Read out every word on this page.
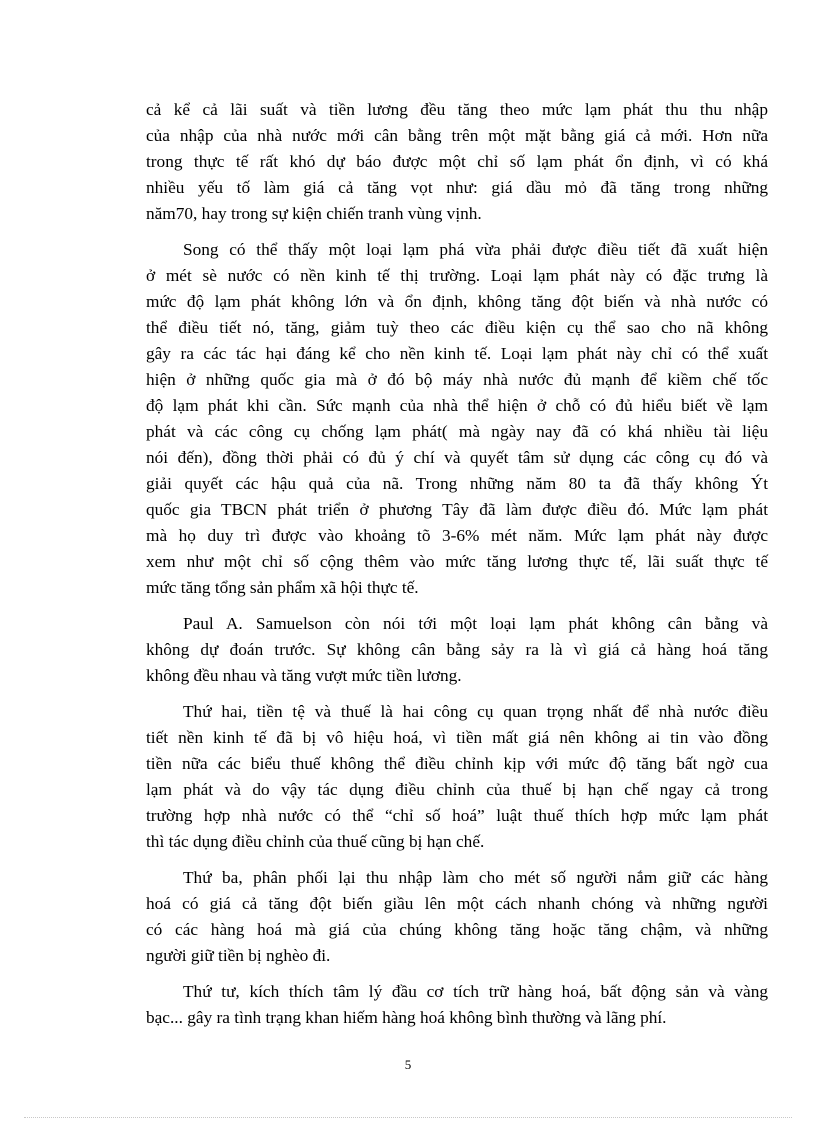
cả kể cả lãi suất và tiền lương đều tăng theo mức lạm phát thu thu nhập
của nhập của nhà nước mới cân bằng trên một mặt bằng giá cả mới. Hơn nữa
trong thực tế rất khó dự báo được một chỉ số lạm phát ổn định, vì có khá
nhiều yếu tố làm giá cả tăng vọt như: giá dầu mỏ đã tăng trong những
năm70, hay trong sự kiện chiến tranh vùng vịnh.

Song có thể thấy một loại lạm phá vừa phải được điều tiết đã xuất hiện
ở mét sè nước có nền kinh tế thị trường. Loại lạm phát này có đặc trưng là
mức độ lạm phát không lớn và ổn định, không tăng đột biến và nhà nước có
thể điều tiết nó, tăng, giảm tuỳ theo các điều kiện cụ thể sao cho nã không
gây ra các tác hại đáng kể cho nền kinh tế. Loại lạm phát này chỉ có thể xuất
hiện ở những quốc gia mà ở đó bộ máy nhà nước đủ mạnh để kiềm chế tốc
độ lạm phát khi cần. Sức mạnh của nhà thể hiện ở chỗ có đủ hiểu biết về lạm
phát và các công cụ chống lạm phát( mà ngày nay đã có khá nhiều tài liệu
nói đến), đồng thời phải có đủ ý chí và quyết tâm sử dụng các công cụ đó và
giải quyết các hậu quả của nã. Trong những năm 80 ta đã thấy không Ýt
quốc gia TBCN phát triển ở phương Tây đã làm được điều đó. Mức lạm phát
mà họ duy trì được vào khoảng tõ 3-6% mét năm. Mức lạm phát này được
xem như một chỉ số cộng thêm vào mức tăng lương thực tế, lãi suất thực tế
mức tăng tổng sản phẩm xã hội thực tế.

Paul A. Samuelson còn nói tới một loại lạm phát không cân bằng và
không dự đoán trước. Sự không cân bằng sảy ra là vì giá cả hàng hoá tăng
không đều nhau và tăng vượt mức tiền lương.

Thứ hai, tiền tệ và thuế là hai công cụ quan trọng nhất để nhà nước điều
tiết nền kinh tế đã bị vô hiệu hoá, vì tiền mất giá nên không ai tin vào đồng
tiền nữa các biểu thuế không thể điều chỉnh kịp với mức độ tăng bất ngờ cua
lạm phát và do vậy tác dụng điều chỉnh của thuế bị hạn chế ngay cả trong
trường hợp nhà nước có thể “chỉ số hoá” luật thuế thích hợp mức lạm phát
thì tác dụng điều chỉnh của thuế cũng bị hạn chế.

Thứ ba, phân phối lại thu nhập làm cho mét số người nắm giữ các hàng
hoá có giá cả tăng đột biến giầu lên một cách nhanh chóng và những người
có các hàng hoá mà giá của chúng không tăng hoặc tăng chậm, và những
người giữ tiền bị nghèo đi.

Thứ tư, kích thích tâm lý đầu cơ tích trữ hàng hoá, bất động sản và vàng
bạc... gây ra tình trạng khan hiếm hàng hoá không bình thường và lãng phí.

5
